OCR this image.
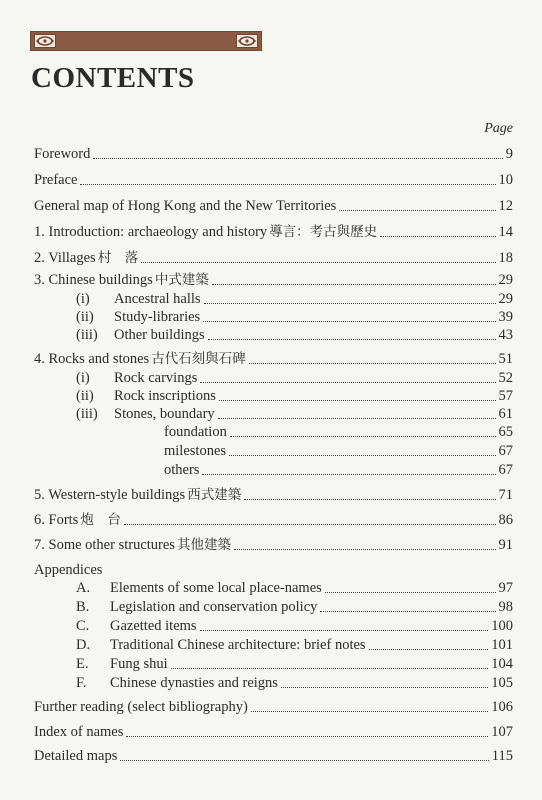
CONTENTS
Page
Appendices
Foreword	9
Preface	10
General map of Hong Kong and the New Territories	12
1. Introduction: archaeology and history 導言：考古與歷史	14
2. Villages 村　落	18
3. Chinese buildings 中式建築	29
(i) Ancestral halls	29
(ii) Study-libraries	39
(iii) Other buildings	43
4. Rocks and stones 古代石刻與石碑	51
(i) Rock carvings	52
(ii) Rock inscriptions	57
(iii) Stones, boundary	61
foundation	65
milestones	67
others	67
5. Western-style buildings 西式建築	71
6. Forts 炮　台	86
7. Some other structures 其他建築	91
A. Elements of some local place-names	97
B. Legislation and conservation policy	98
C. Gazetted items	100
D. Traditional Chinese architecture: brief notes	101
E. Fung shui	104
F. Chinese dynasties and reigns	105
Further reading (select bibliography)	106
Index of names	107
Detailed maps	115
